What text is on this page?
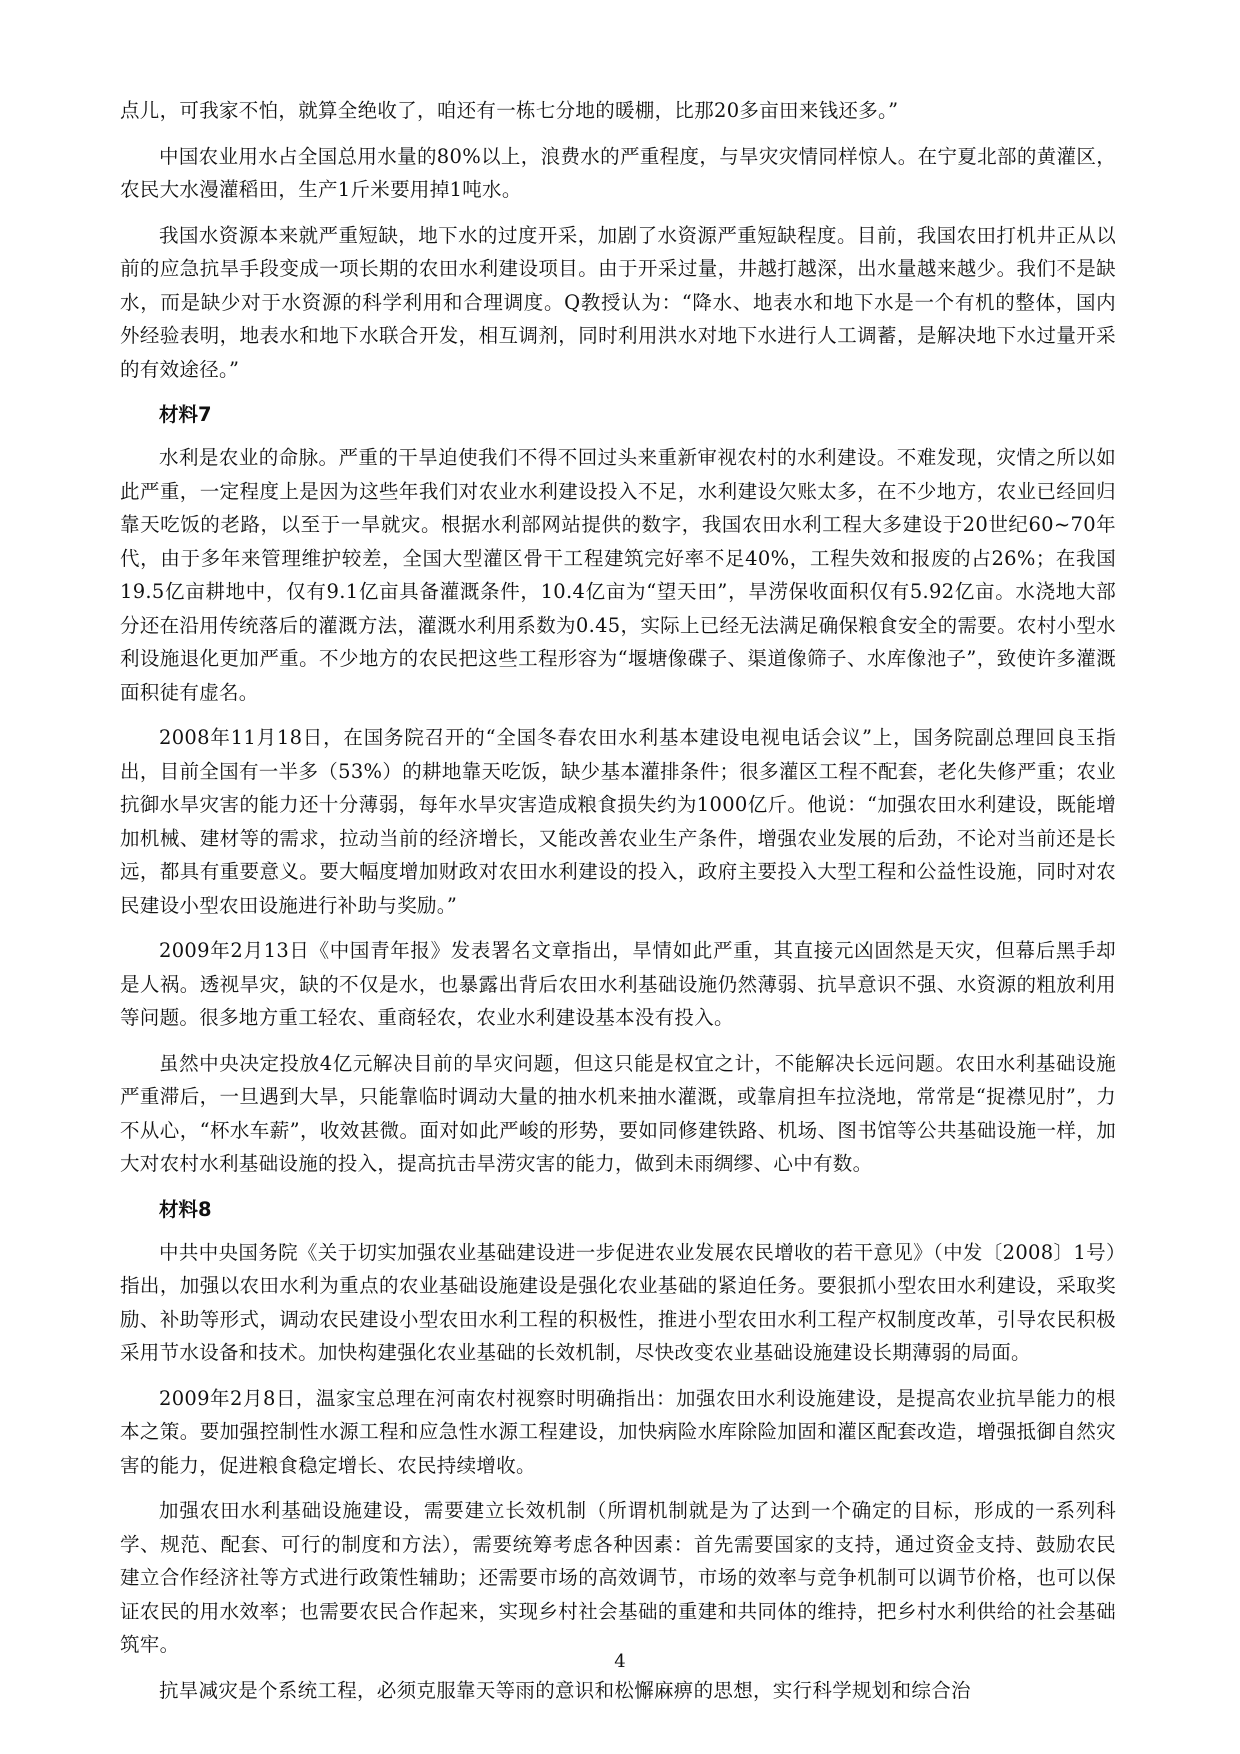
点儿，可我家不怕，就算全绝收了，咱还有一栋七分地的暖棚，比那20多亩田来钱还多。”

中国农业用水占全国总用水量的80%以上，浪费水的严重程度，与旱灾灾情同样惊人。在宁夏北部的黄灌区，农民大水漫灌稻田，生产1斤米要用掉1吨水。

我国水资源本来就严重短缺，地下水的过度开采，加剧了水资源严重短缺程度。目前，我国农田打机井正从以前的应急抗旱手段变成一项长期的农田水利建设项目。由于开采过量，井越打越深，出水量越来越少。我们不是缺水，而是缺少对于水资源的科学利用和合理调度。Q教授认为：“降水、地表水和地下水是一个有机的整体，国内外经验表明，地表水和地下水联合开发，相互调剂，同时利用洪水对地下水进行人工调蓄，是解决地下水过量开采的有效途径。”

材料7

水利是农业的命脉。严重的干旱迫使我们不得不回过头来重新审视农村的水利建设。不难发现，灾情之所以如此严重，一定程度上是因为这些年我们对农业水利建设投入不足，水利建设欠账太多，在不少地方，农业已经回归靠天吃饭的老路，以至于一旱就灾。根据水利部网站提供的数字，我国农田水利工程大多建设于20世纪60~70年代，由于多年来管理维护较差，全国大型灌区骨干工程建筑完好率不足40%，工程失效和报废的占26%；在我国19.5亿亩耕地中，仅有9.1亿亩具备灌溉条件，10.4亿亩为“望天田”，旱涝保收面积仅有5.92亿亩。水浇地大部分还在沿用传统落后的灌溉方法，灌溉水利用系数为0.45，实际上已经无法满足确保粮食安全的需要。农村小型水利设施退化更加严重。不少地方的农民把这些工程形容为“堰塘像碟子、渠道像筛子、水库像池子”，致使许多灌溉面积徒有虚名。

2008年11月18日，在国务院召开的“全国冬春农田水利基本建设电视电话会议”上，国务院副总理回良玉指出，目前全国有一半多（53%）的耕地靠天吃饭，缺少基本灌排条件；很多灌区工程不配套，老化失修严重；农业抗御水旱灾害的能力还十分薄弱，每年水旱灾害造成粮食损失约为1000亿斤。他说：“加强农田水利建设，既能增加机械、建材等的需求，拉动当前的经济增长，又能改善农业生产条件，增强农业发展的后劲，不论对当前还是长远，都具有重要意义。要大幅度增加财政对农田水利建设的投入，政府主要投入大型工程和公益性设施，同时对农民建设小型农田设施进行补助与奖励。”

2009年2月13日《中国青年报》发表署名文章指出，旱情如此严重，其直接元凶固然是天灾，但幕后黑手却是人祸。透视旱灾，缺的不仅是水，也暴露出背后农田水利基础设施仍然薄弱、抗旱意识不强、水资源的粗放利用等问题。很多地方重工轻农、重商轻农，农业水利建设基本没有投入。

虽然中央决定投放4亿元解决目前的旱灾问题，但这只能是权宜之计，不能解决长远问题。农田水利基础设施严重滞后，一旦遇到大旱，只能靠临时调动大量的抽水机来抽水灌溉，或靠肩担车拉浇地，常常是“捉襟见肘”，力不从心，“杯水车薪”，收效甚微。面对如此严峻的形势，要如同修建铁路、机场、图书馆等公共基础设施一样，加大对农村水利基础设施的投入，提高抗击旱涝灾害的能力，做到未雨绸缪、心中有数。

材料8

中共中央国务院《关于切实加强农业基础建设进一步促进农业发展农民增收的若干意见》（中发〔2008〕1号）指出，加强以农田水利为重点的农业基础设施建设是强化农业基础的紧迫任务。要狠抓小型农田水利建设，采取奖励、补助等形式，调动农民建设小型农田水利工程的积极性，推进小型农田水利工程产权制度改革，引导农民积极采用节水设备和技术。加快构建强化农业基础的长效机制，尽快改变农业基础设施建设长期薄弱的局面。

2009年2月8日，温家宝总理在河南农村视察时明确指出：加强农田水利设施建设，是提高农业抗旱能力的根本之策。要加强控制性水源工程和应急性水源工程建设，加快病险水库除险加固和灌区配套改造，增强抵御自然灾害的能力，促进粮食稳定增长、农民持续增收。

加强农田水利基础设施建设，需要建立长效机制（所谓机制就是为了达到一个确定的目标，形成的一系列科学、规范、配套、可行的制度和方法），需要统筹考虑各种因素：首先需要国家的支持，通过资金支持、鼓励农民建立合作经济社等方式进行政策性辅助；还需要市场的高效调节，市场的效率与竞争机制可以调节价格，也可以保证农民的用水效率；也需要农民合作起来，实现乡村社会基础的重建和共同体的维持，把乡村水利供给的社会基础筑牢。

抗旱减灾是个系统工程，必须克服靠天等雨的意识和松懈麻痹的思想，实行科学规划和综合治

4
